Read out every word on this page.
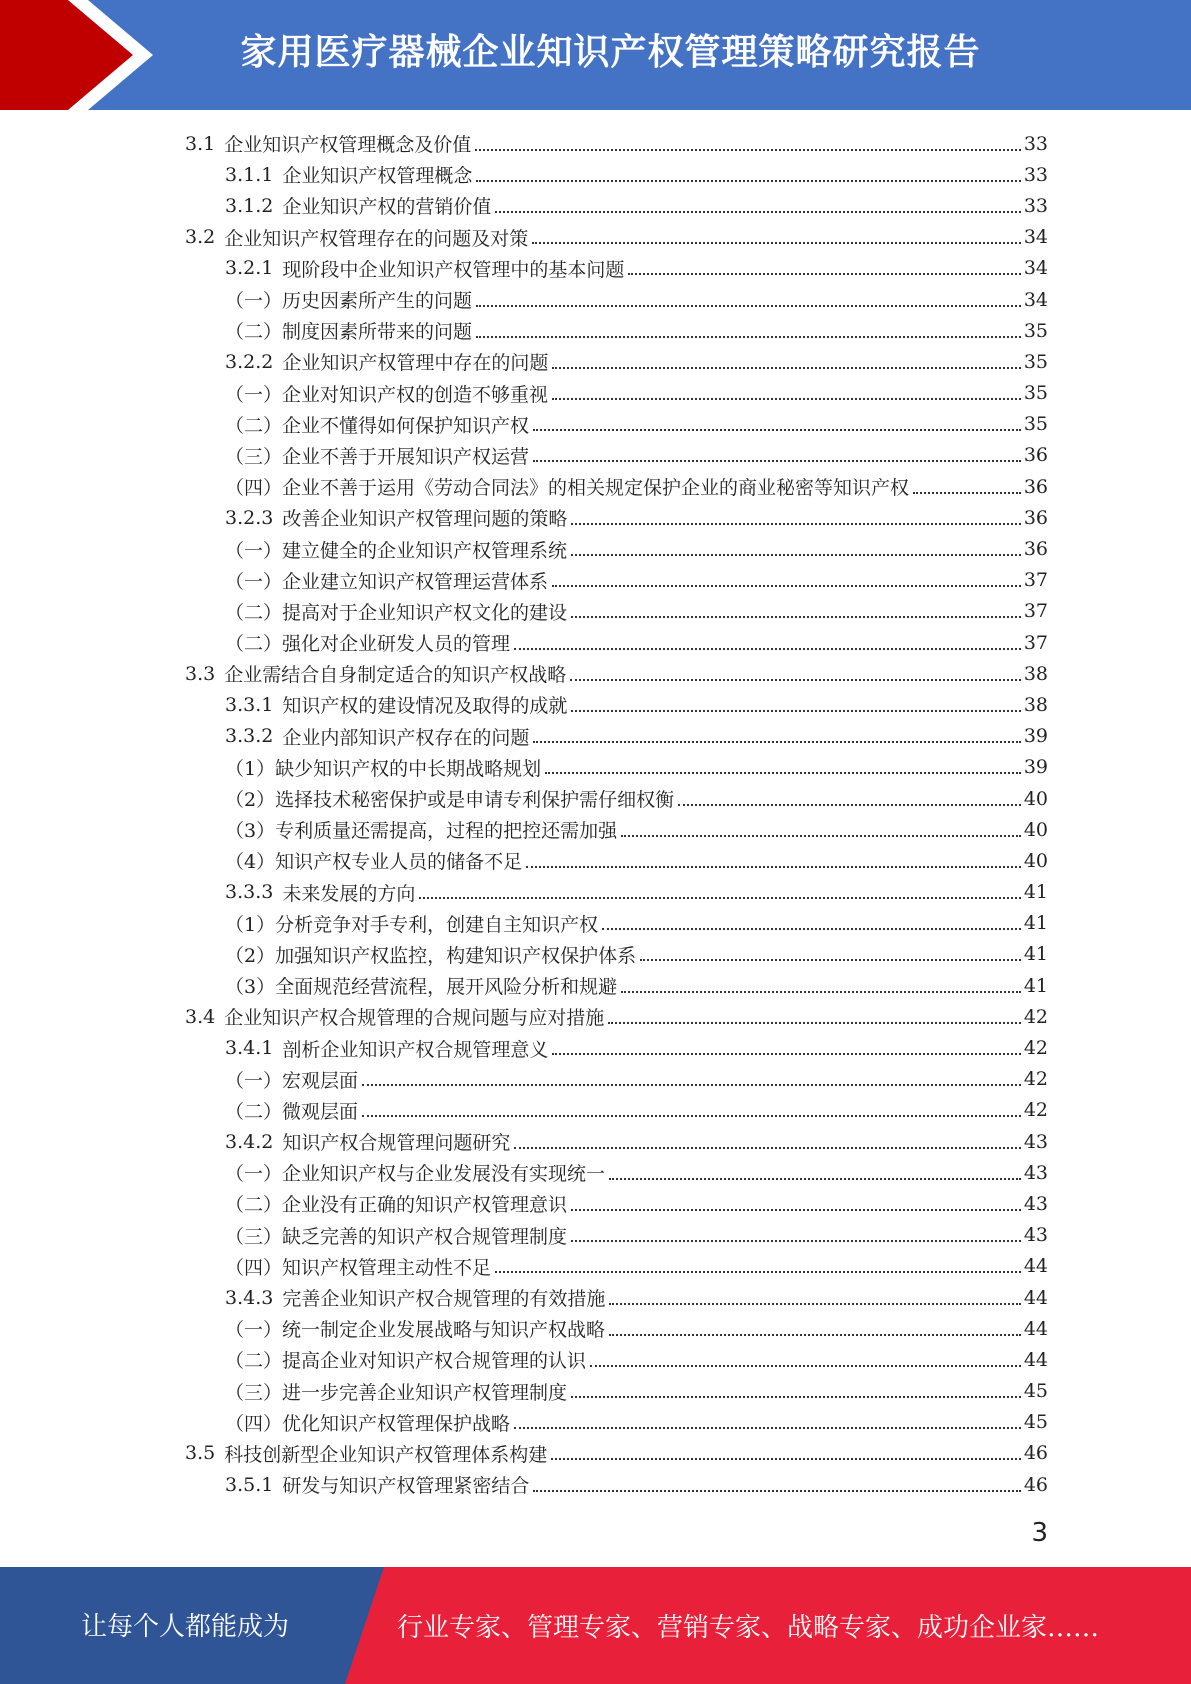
家用医疗器械企业知识产权管理策略研究报告
3.1 企业知识产权管理概念及价值	33
3.1.1 企业知识产权管理概念	33
3.1.2 企业知识产权的营销价值	33
3.2 企业知识产权管理存在的问题及对策	34
3.2.1 现阶段中企业知识产权管理中的基本问题	34
（一）历史因素所产生的问题	34
（二）制度因素所带来的问题	35
3.2.2 企业知识产权管理中存在的问题	35
（一）企业对知识产权的创造不够重视	35
（二）企业不懂得如何保护知识产权	35
（三）企业不善于开展知识产权运营	36
（四）企业不善于运用《劳动合同法》的相关规定保护企业的商业秘密等知识产权	36
3.2.3 改善企业知识产权管理问题的策略	36
（一）建立健全的企业知识产权管理系统	36
（一）企业建立知识产权管理运营体系	37
（二）提高对于企业知识产权文化的建设	37
（二）强化对企业研发人员的管理	37
3.3 企业需结合自身制定适合的知识产权战略	38
3.3.1 知识产权的建设情况及取得的成就	38
3.3.2 企业内部知识产权存在的问题	39
（1）缺少知识产权的中长期战略规划	39
（2）选择技术秘密保护或是申请专利保护需仔细权衡	40
（3）专利质量还需提高，过程的把控还需加强	40
（4）知识产权专业人员的储备不足	40
3.3.3 未来发展的方向	41
（1）分析竞争对手专利，创建自主知识产权	41
（2）加强知识产权监控，构建知识产权保护体系	41
（3）全面规范经营流程，展开风险分析和规避	41
3.4 企业知识产权合规管理的合规问题与应对措施	42
3.4.1 剖析企业知识产权合规管理意义	42
（一）宏观层面	42
（二）微观层面	42
3.4.2 知识产权合规管理问题研究	43
（一）企业知识产权与企业发展没有实现统一	43
（二）企业没有正确的知识产权管理意识	43
（三）缺乏完善的知识产权合规管理制度	43
（四）知识产权管理主动性不足	44
3.4.3 完善企业知识产权合规管理的有效措施	44
（一）统一制定企业发展战略与知识产权战略	44
（二）提高企业对知识产权合规管理的认识	44
（三）进一步完善企业知识产权管理制度	45
（四）优化知识产权管理保护战略	45
3.5 科技创新型企业知识产权管理体系构建	46
3.5.1 研发与知识产权管理紧密结合	46
3
让每个人都能成为	行业专家、管理专家、营销专家、战略专家、成功企业家……
